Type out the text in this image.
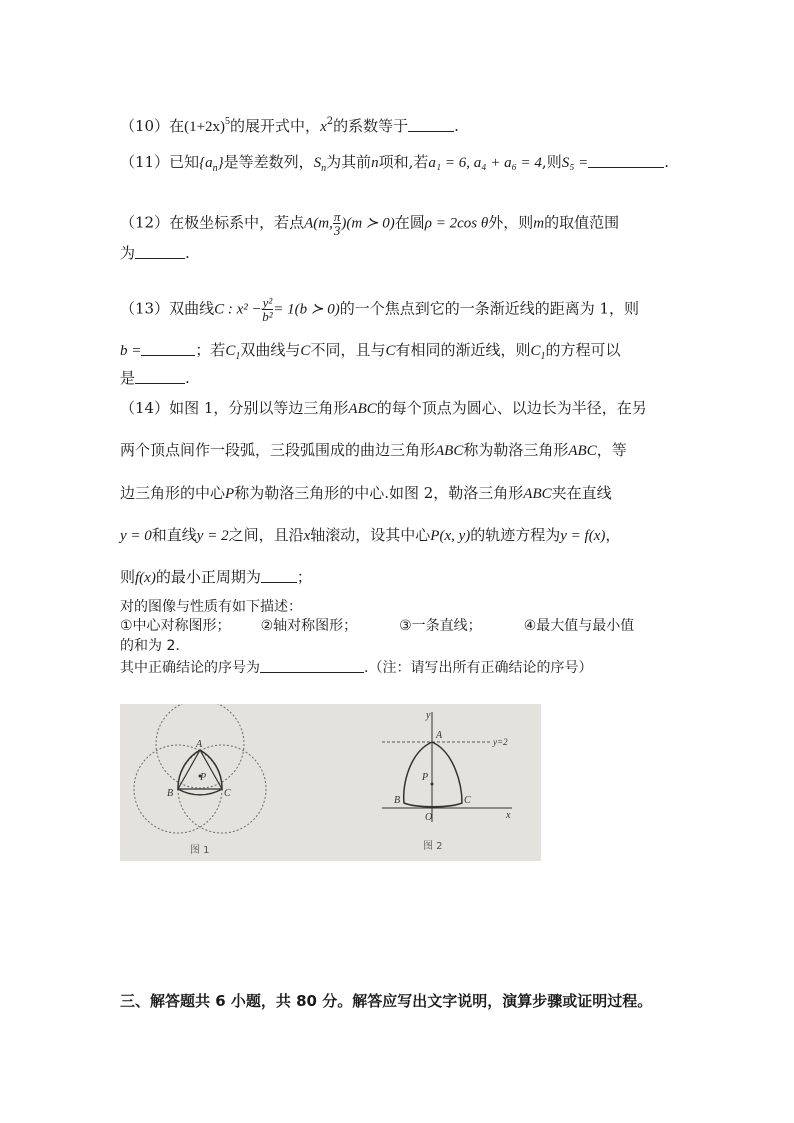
（10）在$(1+2x)^5$的展开式中，$x^2$的系数等于	.
（11）已知$\{a_n\}$是等差数列，$S_n$为其前n项和,若a₁ = 6, a₄ + a₆ = 4,则S₅ =	.
（12）在极坐标系中，若点A(m, $\frac{\pi}{3} )(m$ ≻ 0)在圆ρ = 2cos θ外，则m的取值范围
为	.
（13）双曲线C : $x^2 - \frac{\text{y²}}{\text{b²}} = 1(b$ ≻ 0)的一个焦点到它的一条渐近线的距离为 1，则
b =	；若$C_1$双曲线与C不同，且与C有相同的渐近线，则$C_1$的方程可以
是	.
（14）如图 1，分别以等边三角形ABC的每个顶点为圆心、以边长为半径，在另
两个顶点间作一段弧，三段弧围成的曲边三角形ABC称为勒洛三角形ABC，等
边三角形的中心P称为勒洛三角形的中心.如图 2，勒洛三角形ABC夹在直线
y = 0和直线y = 2之间，且沿x轴滚动，设其中心P(x, y)的轨迹方程为y = f(x)，
则f(x)的最小正周期为 ；
对的图像与性质有如下描述：
①中心对称图形； ②轴对称图形；	③一条直线；	④最大值与最小值
的和为 2.
其中正确结论的序号为	.（注：请写出所有正确结论的序号）
A
P
B	C
图 1
y
A
y=2
P
B	C
O	x
图 2
三、解答题共 6 小题，共 80 分。解答应写出文字说明，演算步骤或证明过程。
